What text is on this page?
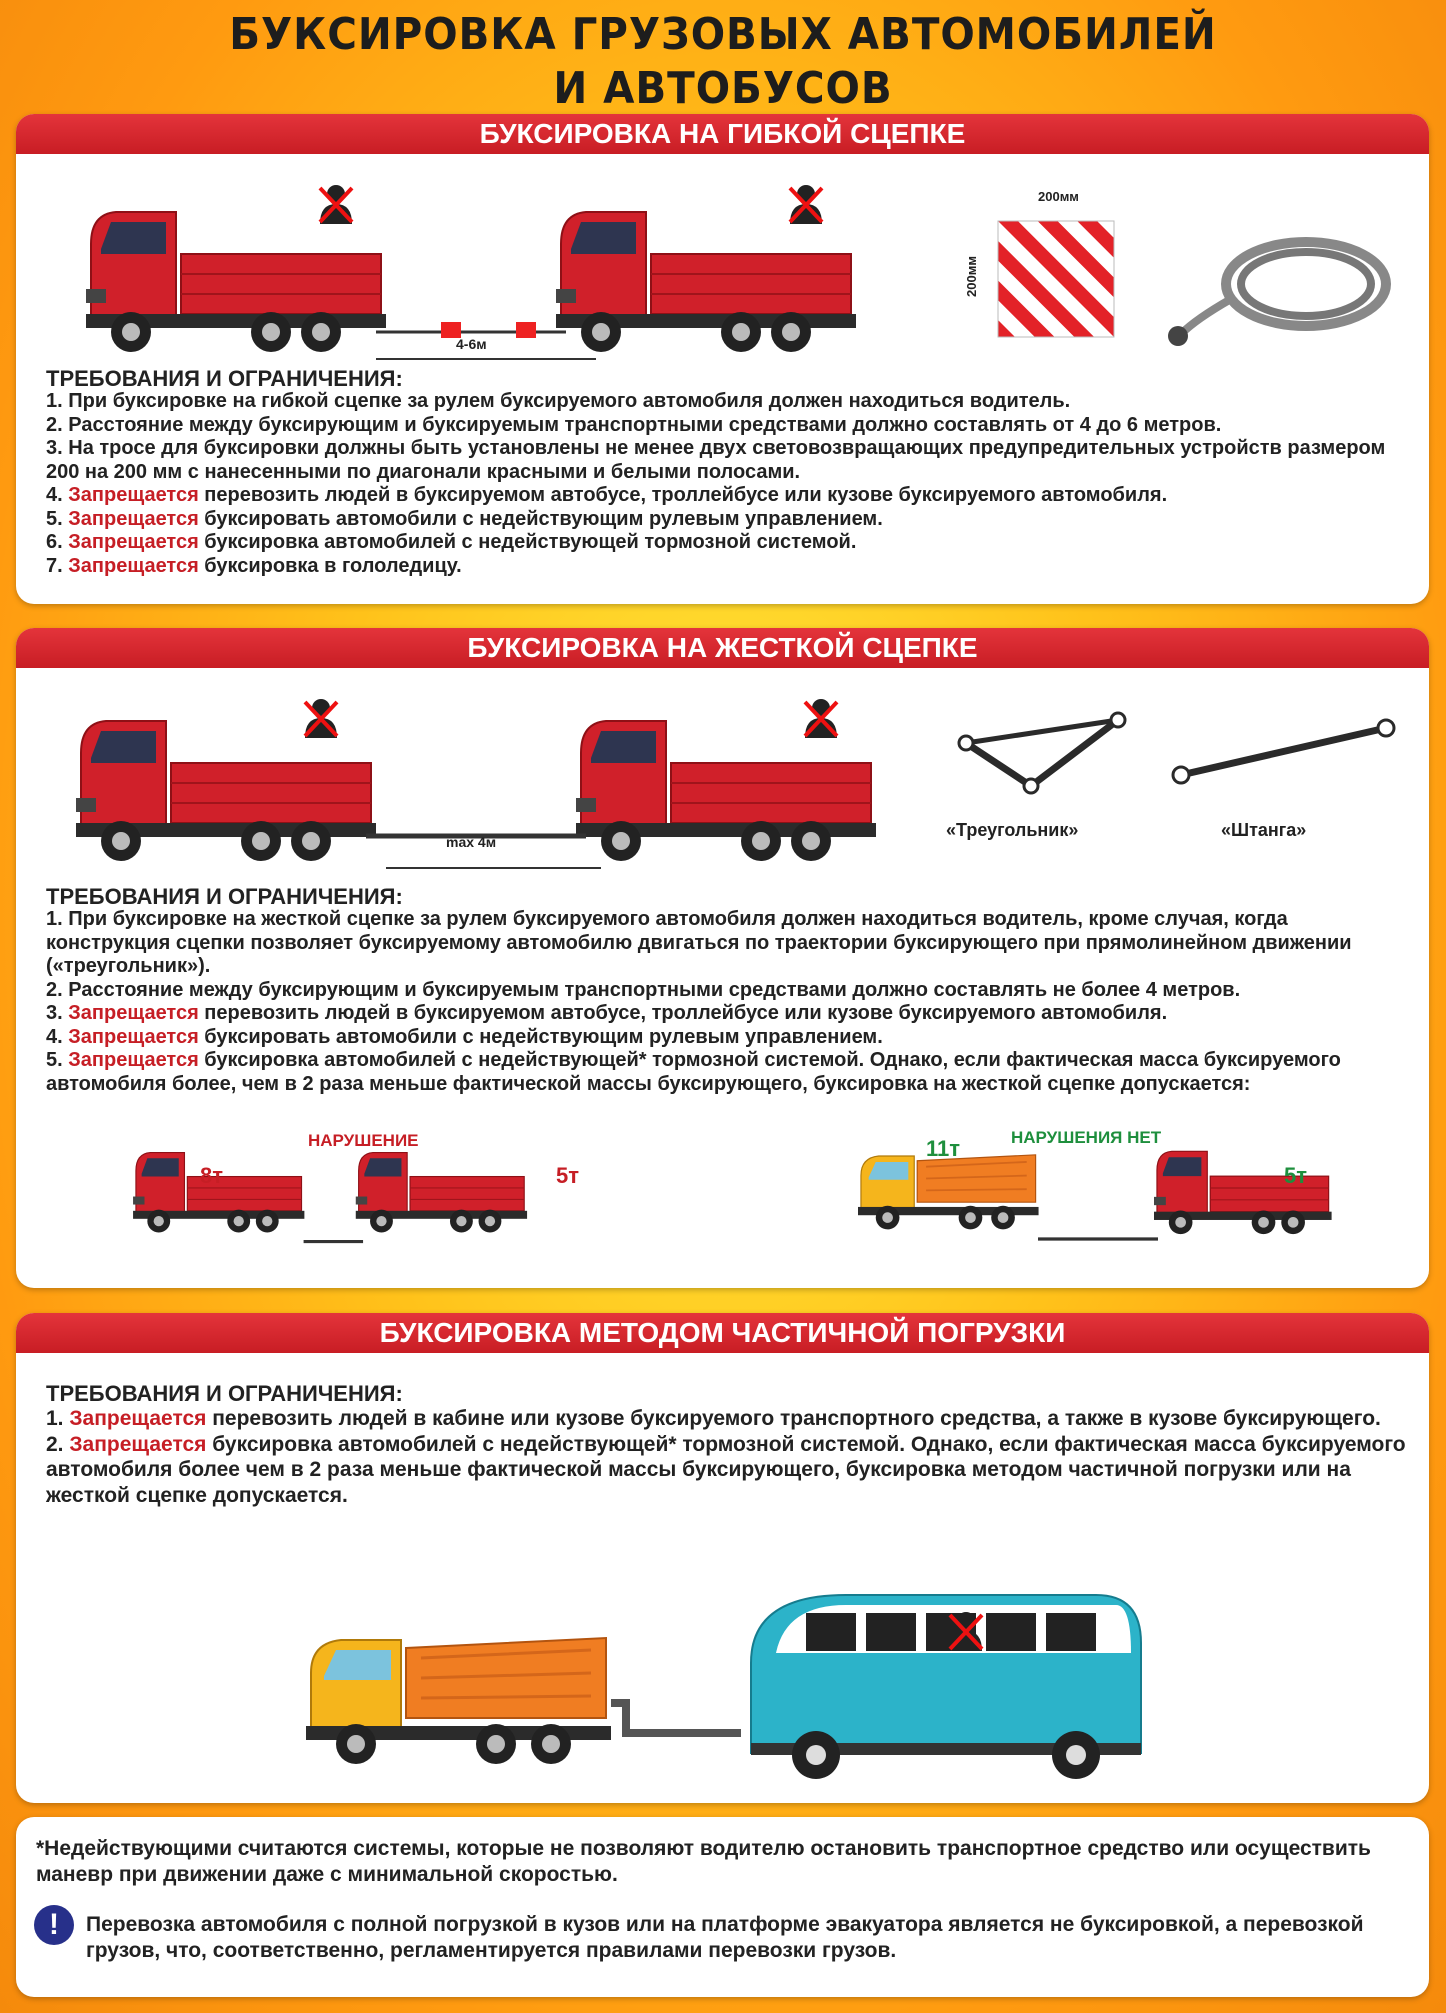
БУКСИРОВКА ГРУЗОВЫХ АВТОМОБИЛЕЙ
И АВТОБУСОВ
БУКСИРОВКА НА ГИБКОЙ СЦЕПКЕ
4-6м
200мм
200мм
ТРЕБОВАНИЯ И ОГРАНИЧЕНИЯ:

1. При буксировке на гибкой сцепке за рулем буксируемого автомобиля должен находиться водитель.

2. Расстояние между буксирующим и буксируемым транспортными средствами должно составлять от 4 до 6 метров.

3. На тросе для буксировки должны быть установлены не менее двух световозвращающих предупредительных устройств размером 200 на 200 мм с нанесенными по диагонали красными и белыми полосами.

4. Запрещается перевозить людей в буксируемом автобусе, троллейбусе или кузове буксируемого автомобиля.

5. Запрещается буксировать автомобили с недействующим рулевым управлением.

6. Запрещается буксировка автомобилей с недействующей тормозной системой.

7. Запрещается буксировка в гололедицу.

БУКСИРОВКА НА ЖЕСТКОЙ СЦЕПКЕ
max 4м
«Треугольник»	«Штанга»
ТРЕБОВАНИЯ И ОГРАНИЧЕНИЯ:

1. При буксировке на жесткой сцепке за рулем буксируемого автомобиля должен находиться водитель, кроме случая, когда конструкция сцепки позволяет буксируемому автомобилю двигаться по траектории буксирующего при прямолинейном движении («треугольник»).

2. Расстояние между буксирующим и буксируемым транспортными средствами должно составлять не более 4 метров.

3. Запрещается перевозить людей в буксируемом автобусе, троллейбусе или кузове буксируемого автомобиля.

4. Запрещается буксировать автомобили с недействующим рулевым управлением.

5. Запрещается буксировка автомобилей с недействующей* тормозной системой. Однако, если фактическая масса буксируемого автомобиля более, чем в 2 раза меньше фактической массы буксирующего, буксировка на жесткой сцепке допускается:

НАРУШЕНИЕ
8т	5т
11т	НАРУШЕНИЯ НЕТ
5т
БУКСИРОВКА МЕТОДОМ ЧАСТИЧНОЙ ПОГРУЗКИ
ТРЕБОВАНИЯ И ОГРАНИЧЕНИЯ:

1. Запрещается перевозить людей в кабине или кузове буксируемого транспортного средства, а также в кузове буксирующего.

2. Запрещается буксировка автомобилей с недействующей* тормозной системой. Однако, если фактическая масса буксируемого автомобиля более чем в 2 раза меньше фактической массы буксирующего, буксировка методом частичной погрузки или на жесткой сцепке допускается.

*Недействующими считаются системы, которые не позволяют водителю остановить транспортное средство или осуществить маневр при движении даже с минимальной скоростью.
!	Перевозка автомобиля с полной погрузкой в кузов или на платформе эвакуатора является не буксировкой, а перевозкой грузов, что, соответственно, регламентируется правилами перевозки грузов.
